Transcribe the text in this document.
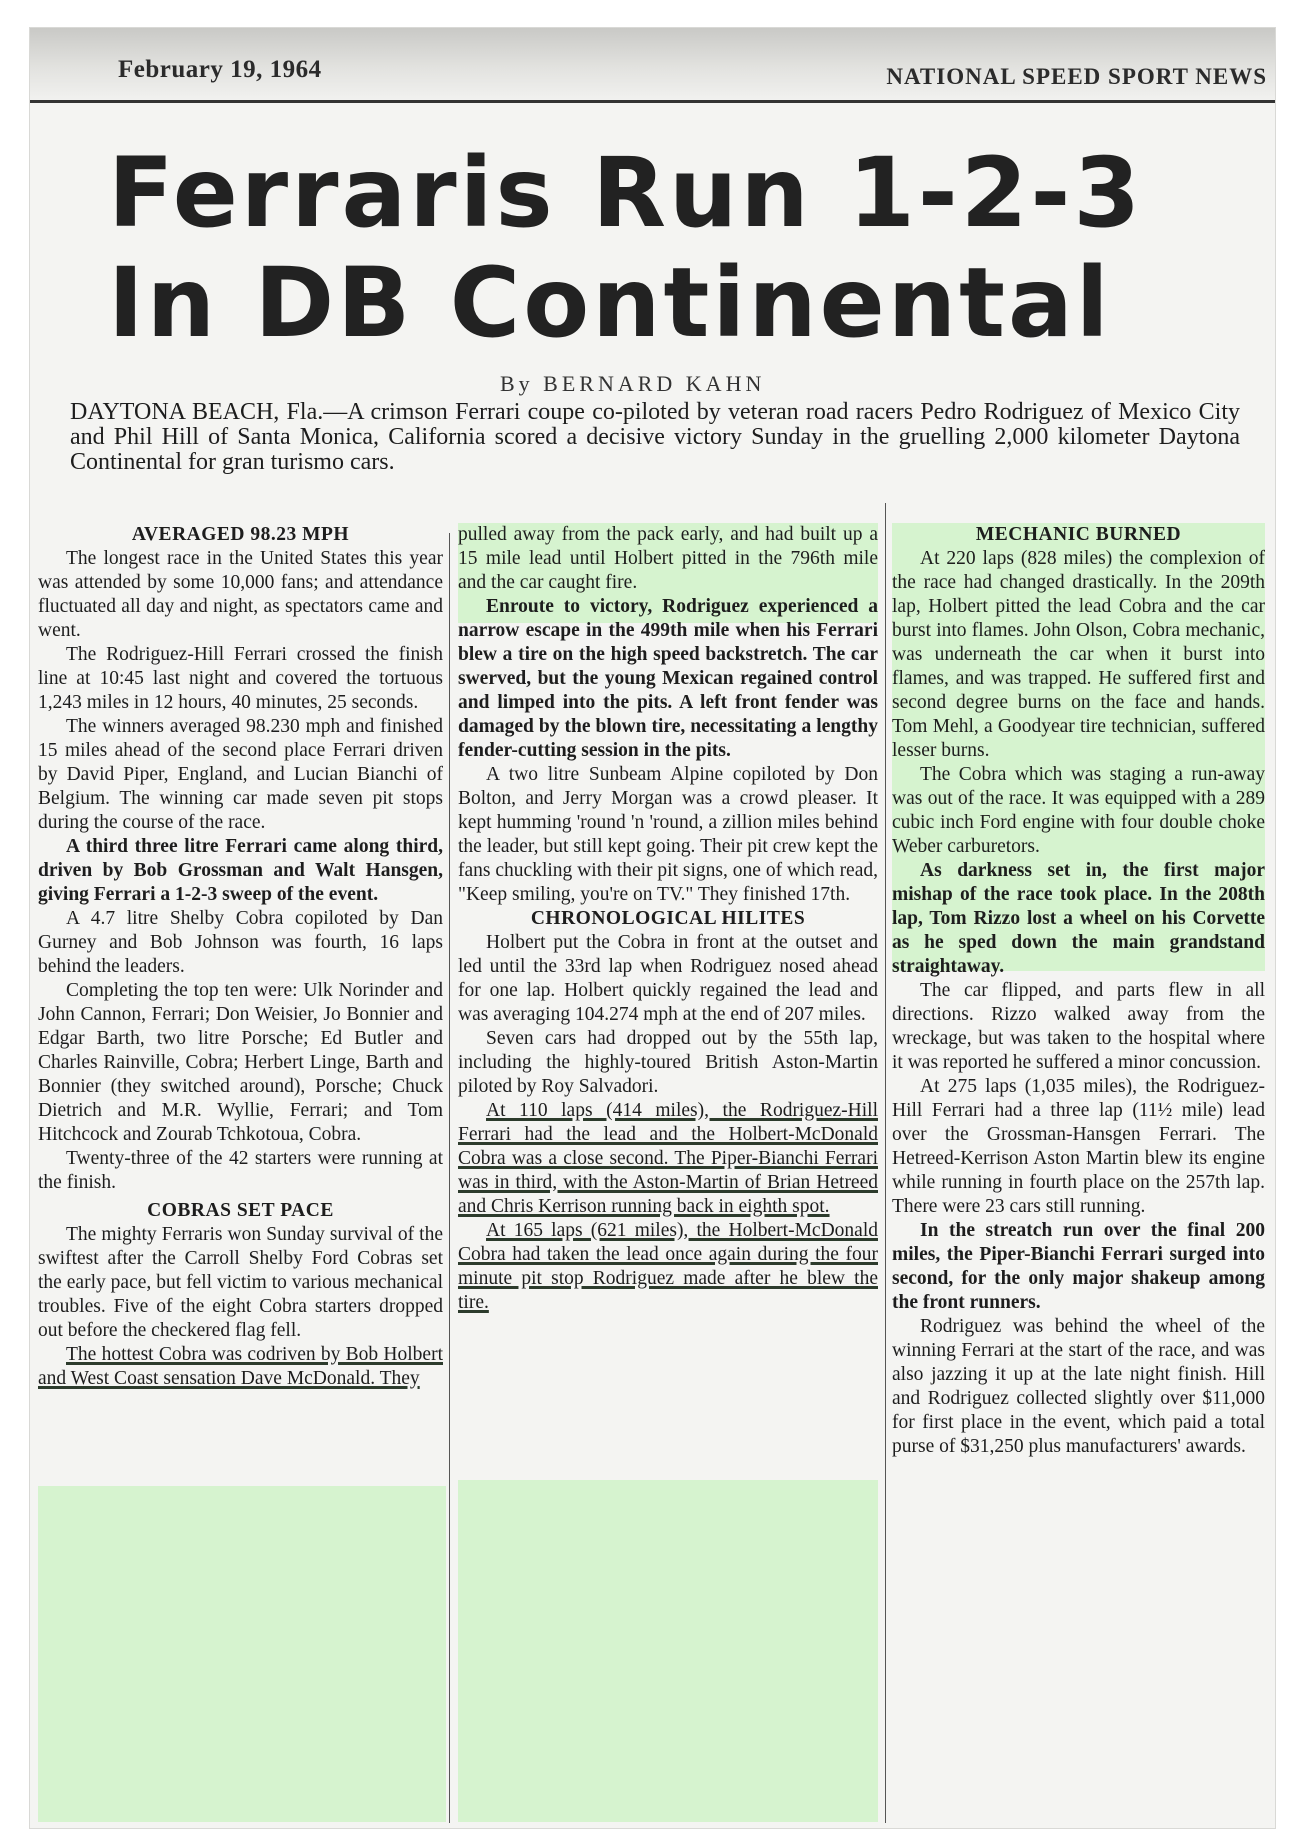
February 19, 1964	NATIONAL SPEED SPORT NEWS
Ferraris Run 1-2-3
In DB Continental
By BERNARD KAHN
DAYTONA BEACH, Fla.—A crimson Ferrari coupe co-piloted by veteran road racers Pedro Rodriguez of Mexico City and Phil Hill of Santa Monica, California scored a decisive victory Sunday in the gruelling 2,000 kilometer Daytona Continental for gran turismo cars.

AVERAGED 98.23 MPH

The longest race in the United States this year was attended by some 10,000 fans; and attendance fluctuated all day and night, as spectators came and went.

The Rodriguez-Hill Ferrari crossed the finish line at 10:45 last night and covered the tortuous 1,243 miles in 12 hours, 40 minutes, 25 seconds.

The winners averaged 98.230 mph and finished 15 miles ahead of the second place Ferrari driven by David Piper, England, and Lucian Bianchi of Belgium. The winning car made seven pit stops during the course of the race.

A third three litre Ferrari came along third, driven by Bob Grossman and Walt Hansgen, giving Ferrari a 1-2-3 sweep of the event.

A 4.7 litre Shelby Cobra copiloted by Dan Gurney and Bob Johnson was fourth, 16 laps behind the leaders.

Completing the top ten were: Ulk Norinder and John Cannon, Ferrari; Don Weisier, Jo Bonnier and Edgar Barth, two litre Porsche; Ed Butler and Charles Rainville, Cobra; Herbert Linge, Barth and Bonnier (they switched around), Porsche; Chuck Dietrich and M.R. Wyllie, Ferrari; and Tom Hitchcock and Zourab Tchkotoua, Cobra.

Twenty-three of the 42 starters were running at the finish.

COBRAS SET PACE

The mighty Ferraris won Sunday survival of the swiftest after the Carroll Shelby Ford Cobras set the early pace, but fell victim to various mechanical troubles. Five of the eight Cobra starters dropped out before the checkered flag fell.

The hottest Cobra was codriven by Bob Holbert and West Coast sensation Dave McDonald. They

pulled away from the pack early, and had built up a 15 mile lead until Holbert pitted in the 796th mile and the car caught fire.

Enroute to victory, Rodriguez experienced a narrow escape in the 499th mile when his Ferrari blew a tire on the high speed backstretch. The car swerved, but the young Mexican regained control and limped into the pits. A left front fender was damaged by the blown tire, necessitating a lengthy fender-cutting session in the pits.

A two litre Sunbeam Alpine copiloted by Don Bolton, and Jerry Morgan was a crowd pleaser. It kept humming 'round 'n 'round, a zillion miles behind the leader, but still kept going. Their pit crew kept the fans chuckling with their pit signs, one of which read, "Keep smiling, you're on TV." They finished 17th.

CHRONOLOGICAL HILITES

Holbert put the Cobra in front at the outset and led until the 33rd lap when Rodriguez nosed ahead for one lap. Holbert quickly regained the lead and was averaging 104.274 mph at the end of 207 miles.

Seven cars had dropped out by the 55th lap, including the highly-toured British Aston-Martin piloted by Roy Salvadori.

At 110 laps (414 miles), the Rodriguez-Hill Ferrari had the lead and the Holbert-McDonald Cobra was a close second. The Piper-Bianchi Ferrari was in third, with the Aston-Martin of Brian Hetreed and Chris Kerrison running back in eighth spot.

At 165 laps (621 miles), the Holbert-McDonald Cobra had taken the lead once again during the four minute pit stop Rodriguez made after he blew the tire.

MECHANIC BURNED

At 220 laps (828 miles) the complexion of the race had changed drastically. In the 209th lap, Holbert pitted the lead Cobra and the car burst into flames. John Olson, Cobra mechanic, was underneath the car when it burst into flames, and was trapped. He suffered first and second degree burns on the face and hands. Tom Mehl, a Goodyear tire technician, suffered lesser burns.

The Cobra which was staging a run-away was out of the race. It was equipped with a 289 cubic inch Ford engine with four double choke Weber carburetors.

As darkness set in, the first major mishap of the race took place. In the 208th lap, Tom Rizzo lost a wheel on his Corvette as he sped down the main grandstand straightaway.

The car flipped, and parts flew in all directions. Rizzo walked away from the wreckage, but was taken to the hospital where it was reported he suffered a minor concussion.

At 275 laps (1,035 miles), the Rodriguez-Hill Ferrari had a three lap (11½ mile) lead over the Grossman-Hansgen Ferrari. The Hetreed-Kerrison Aston Martin blew its engine while running in fourth place on the 257th lap. There were 23 cars still running.

In the streatch run over the final 200 miles, the Piper-Bianchi Ferrari surged into second, for the only major shakeup among the front runners.

Rodriguez was behind the wheel of the winning Ferrari at the start of the race, and was also jazzing it up at the late night finish. Hill and Rodriguez collected slightly over $11,000 for first place in the event, which paid a total purse of $31,250 plus manufacturers' awards.
